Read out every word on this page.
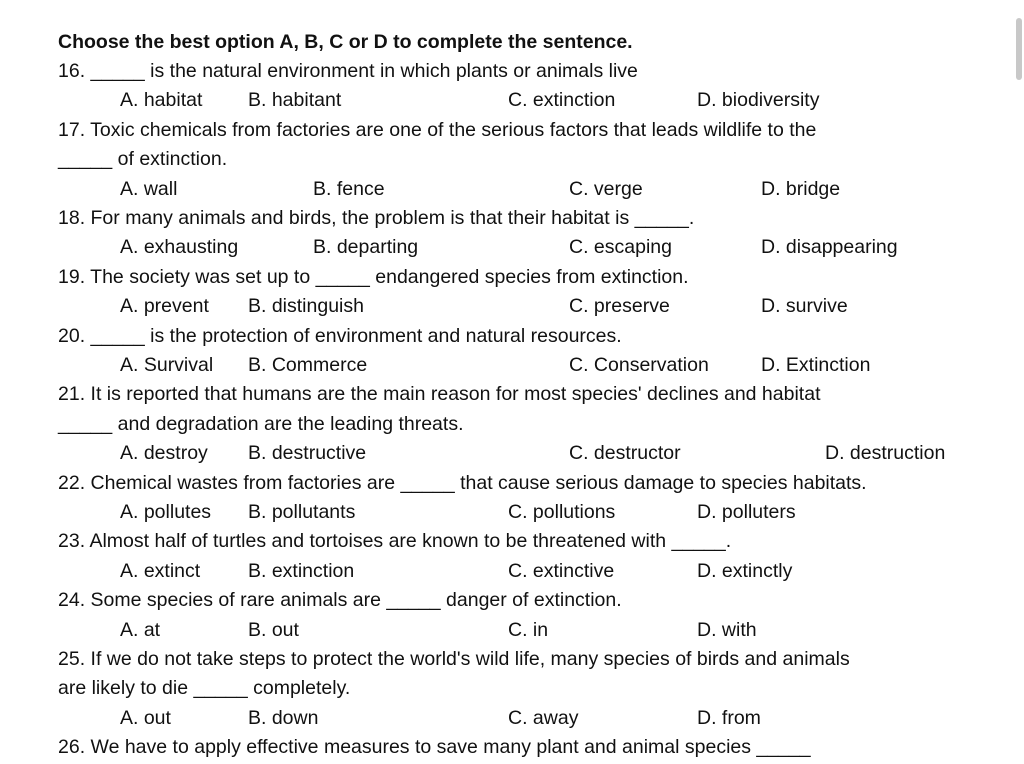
Choose the best option A, B, C or D to complete the sentence.
16. _____ is the natural environment in which plants or animals live
A. habitat B. habitant	C. extinction	D. biodiversity
17. Toxic chemicals from factories are one of the serious factors that leads wildlife to the
_____ of extinction.
A. wall	B. fence	C. verge	D. bridge
18. For many animals and birds, the problem is that their habitat is _____.
A. exhausting	B. departing	C. escaping	D. disappearing
19. The society was set up to _____ endangered species from extinction.
A. prevent B. distinguish	C. preserve	D. survive
20. _____ is the protection of environment and natural resources.
A. Survival B. Commerce	C. Conservation	D. Extinction
21. It is reported that humans are the main reason for most species' declines and habitat
_____ and degradation are the leading threats.
A. destroy B. destructive	C. destructor	D. destruction
22. Chemical wastes from factories are _____ that cause serious damage to species habitats.
A. pollutes B. pollutants	C. pollutions	D. polluters
23. Almost half of turtles and tortoises are known to be threatened with _____.
A. extinct B. extinction	C. extinctive	D. extinctly
24. Some species of rare animals are _____ danger of extinction.
A. at	B. out	C. in	D. with
25. If we do not take steps to protect the world's wild life, many species of birds and animals
are likely to die _____ completely.
A. out	B. down	C. away	D. from
26. We have to apply effective measures to save many plant and animal species _____
